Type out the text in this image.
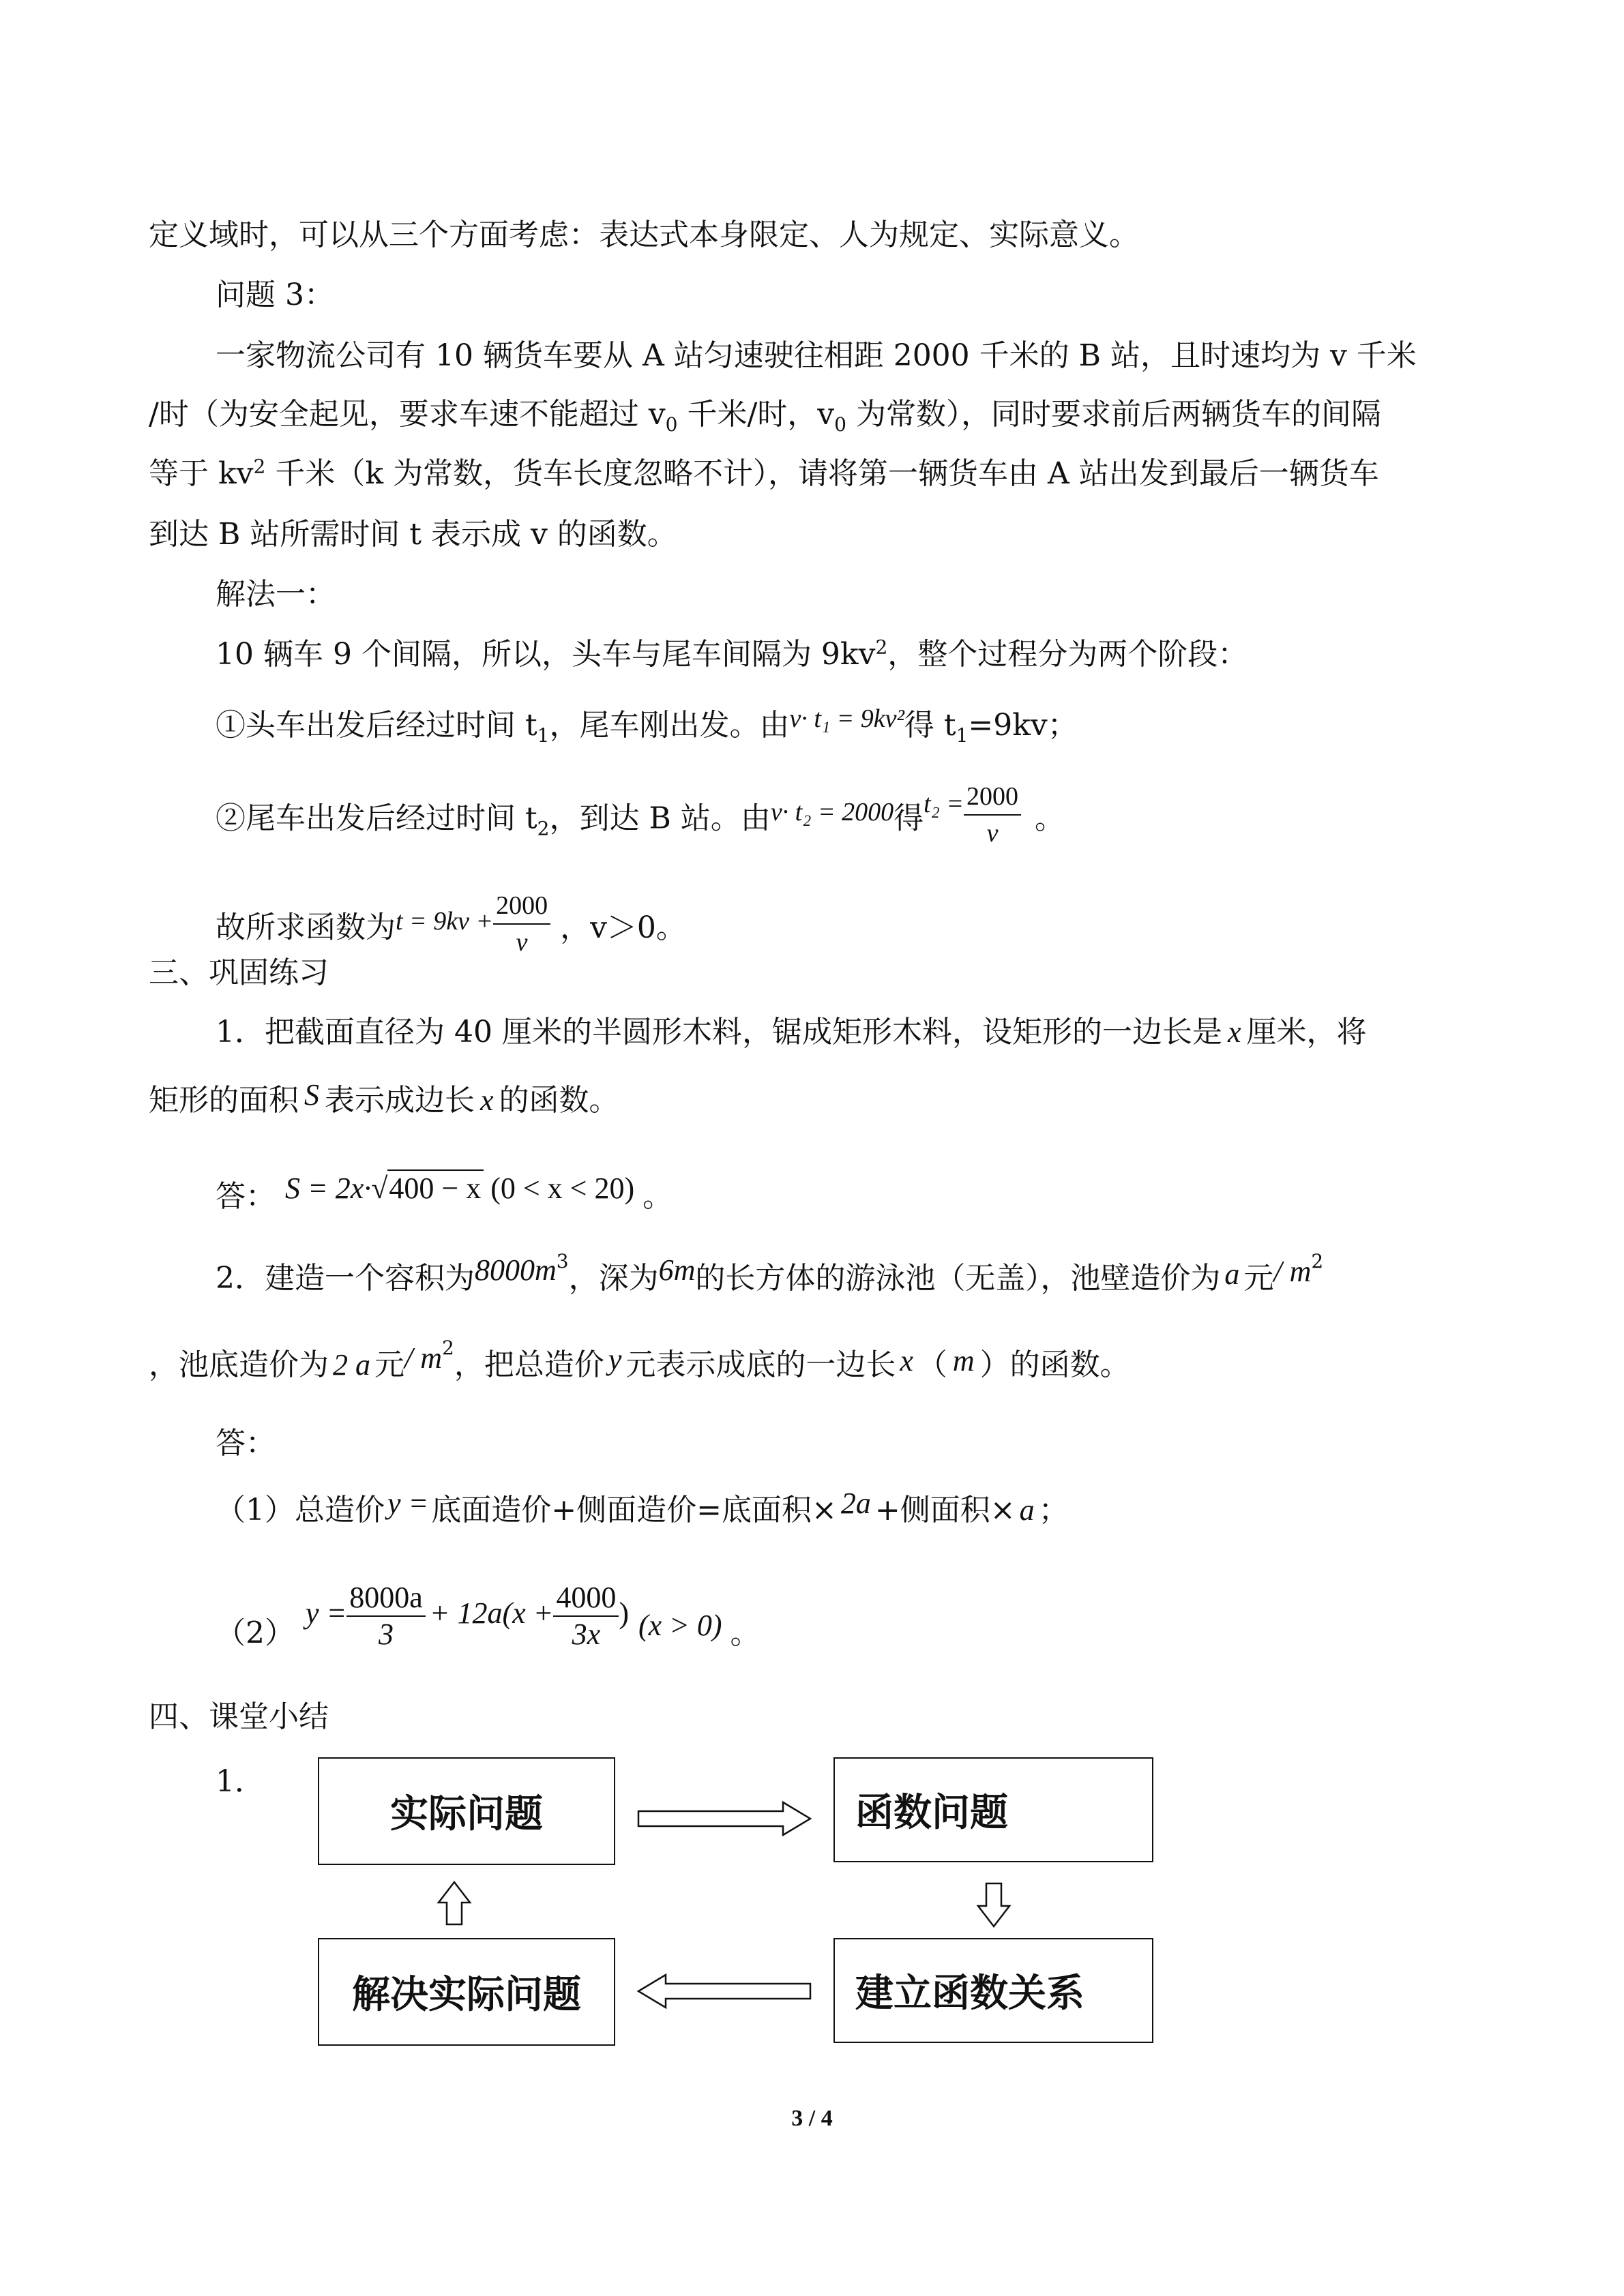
定义域时，可以从三个方面考虑：表达式本身限定、人为规定、实际意义。
问题 3：
一家物流公司有 10 辆货车要从 A 站匀速驶往相距 2000 千米的 B 站，且时速均为 v 千米
/时（为安全起见，要求车速不能超过 $v_0$ 千米/时，$v_0$ 为常数），同时要求前后两辆货车的间隔
等于 $kv^2$ 千米（k 为常数，货车长度忽略不计），请将第一辆货车由 A 站出发到最后一辆货车
到达 B 站所需时间 t 表示成 v 的函数。
解法一：
10 辆车 9 个间隔，所以，头车与尾车间隔为 $9kv^2$，整个过程分为两个阶段：
①头车出发后经过时间 $t_1$，尾车刚出发。由v· t₁ = 9kv²得 $t_1=9kv$；
②尾车出发后经过时间 $t_2$，到达 B 站。由v· t₂ = 2000得$t_2 = \frac{2000}{v}$ 。
故所求函数为$t = 9kv + \frac{2000}{v}$ ，v＞0。
三、巩固练习
1．把截面直径为 40 厘米的半圆形木料，锯成矩形木料，设矩形的一边长是 x 厘米，将
矩形的面积 S 表示成边长 x 的函数。
答： S = 2x·√400 − x (0 < x < 20) 。
2．建造一个容积为$8000m^3$，深为6m的长方体的游泳池（无盖），池壁造价为 a 元/ $m^2$
，池底造价为 2 a 元/ $m^2$，把总造价 y 元表示成底的一边长 x （ m ）的函数。
答：
（1）总造价y =底面造价+侧面造价=底面积× 2a +侧面积× a ；
$(2)y = \frac{8000a}{3} + 12a(x + \frac{4000}{3x}$ ) (x > 0) 。
四、课堂小结
1．
实际问题	函数问题
建立函数关系
解决实际问题
3 / 4
